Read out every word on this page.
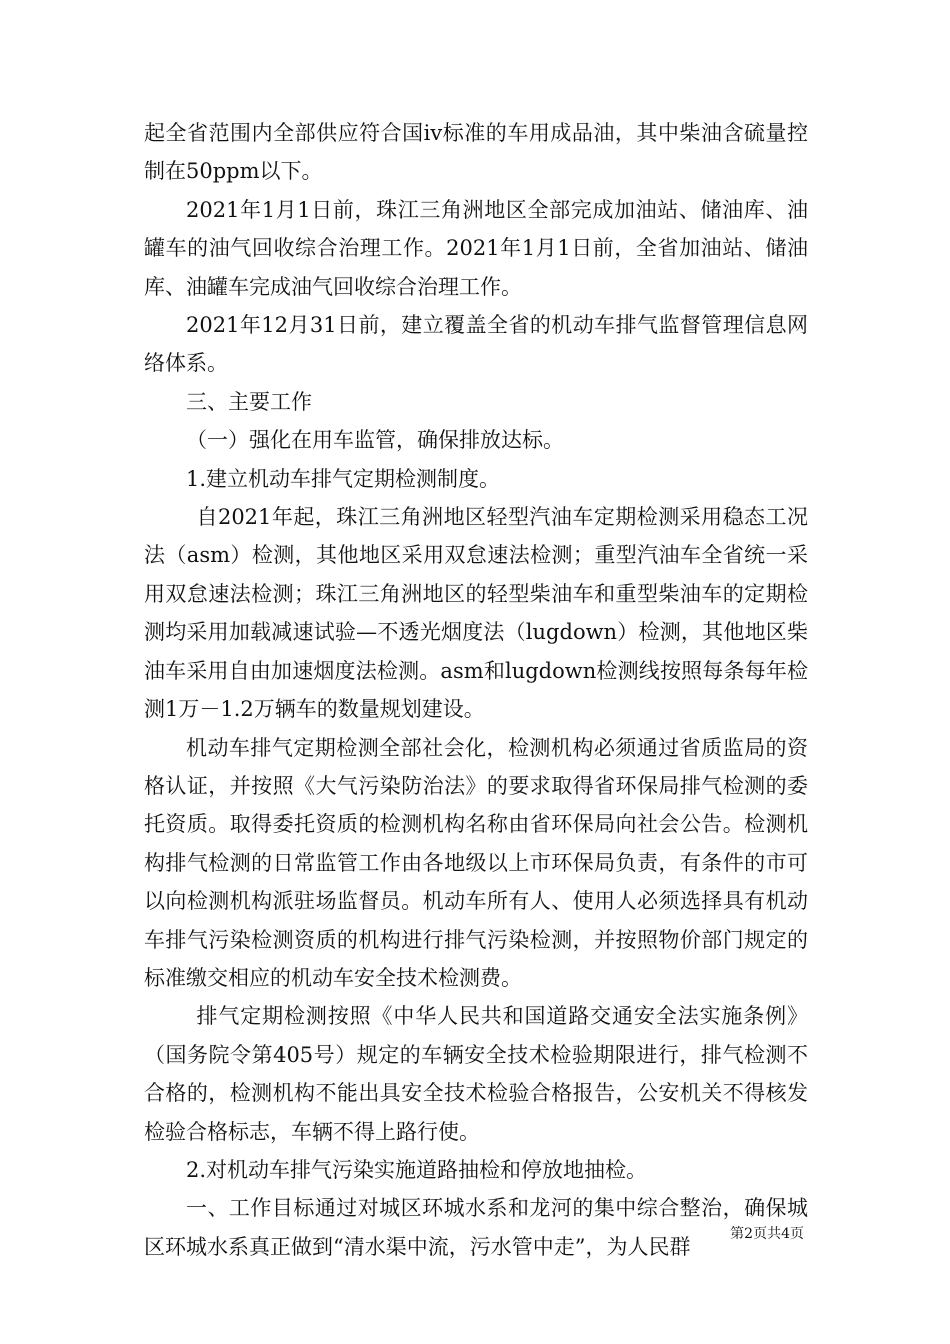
起全省范围内全部供应符合国iv标准的车用成品油，其中柴油含硫量控制在50ppm以下。

2021年1月1日前，珠江三角洲地区全部完成加油站、储油库、油罐车的油气回收综合治理工作。2021年1月1日前，全省加油站、储油库、油罐车完成油气回收综合治理工作。

2021年12月31日前，建立覆盖全省的机动车排气监督管理信息网络体系。

三、主要工作

（一）强化在用车监管，确保排放达标。

1.建立机动车排气定期检测制度。

自2021年起，珠江三角洲地区轻型汽油车定期检测采用稳态工况法（asm）检测，其他地区采用双怠速法检测；重型汽油车全省统一采用双怠速法检测；珠江三角洲地区的轻型柴油车和重型柴油车的定期检测均采用加载减速试验—不透光烟度法（lugdown）检测，其他地区柴油车采用自由加速烟度法检测。asm和lugdown检测线按照每条每年检测1万－1.2万辆车的数量规划建设。

机动车排气定期检测全部社会化，检测机构必须通过省质监局的资格认证，并按照《大气污染防治法》的要求取得省环保局排气检测的委托资质。取得委托资质的检测机构名称由省环保局向社会公告。检测机构排气检测的日常监管工作由各地级以上市环保局负责，有条件的市可以向检测机构派驻场监督员。机动车所有人、使用人必须选择具有机动车排气污染检测资质的机构进行排气污染检测，并按照物价部门规定的标准缴交相应的机动车安全技术检测费。

排气定期检测按照《中华人民共和国道路交通安全法实施条例》（国务院令第405号）规定的车辆安全技术检验期限进行，排气检测不合格的，检测机构不能出具安全技术检验合格报告，公安机关不得核发检验合格标志，车辆不得上路行使。

2.对机动车排气污染实施道路抽检和停放地抽检。

一、工作目标通过对城区环城水系和龙河的集中综合整治，确保城区环城水系真正做到“清水渠中流，污水管中走”，为人民群

第2页共4页
